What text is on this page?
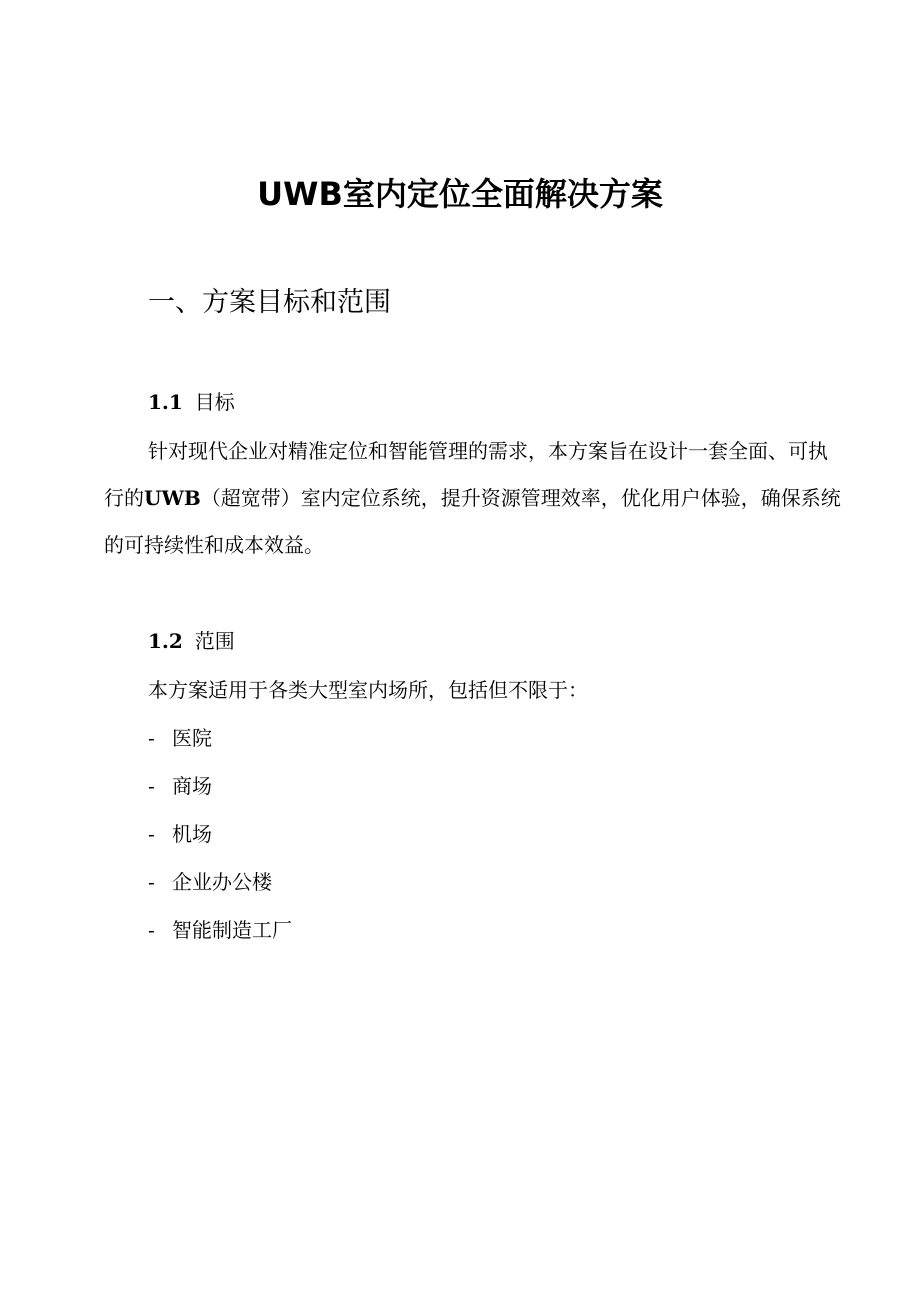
UWB室内定位全面解决方案
一、方案目标和范围
1.1 目标

针对现代企业对精准定位和智能管理的需求，本方案旨在设计一套全面、可执行的UWB（超宽带）室内定位系统，提升资源管理效率，优化用户体验，确保系统的可持续性和成本效益。

1.2 范围

本方案适用于各类大型室内场所，包括但不限于：

- 医院
- 商场
- 机场
- 企业办公楼
- 智能制造工厂
